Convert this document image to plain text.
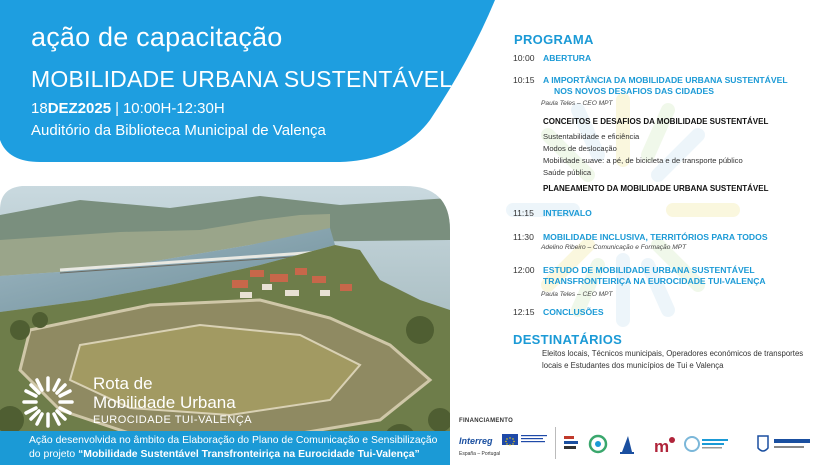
ação de capacitação
MOBILIDADE URBANA SUSTENTÁVEL
18DEZ2025 | 10:00H-12:30H
Auditório da Biblioteca Municipal de Valença
Rota de
Mobilidade Urbana
EUROCIDADE TUI-VALENÇA
Ação desenvolvida no âmbito da Elaboração do Plano de Comunicação e Sensibilização
do projeto “Mobilidade Sustentável Transfronteiriça na Eurocidade Tui-Valença”
PROGRAMA
10:00 ABERTURA
10:15 A IMPORTÂNCIA DA MOBILIDADE URBANA SUSTENTÁVEL
NOS NOVOS DESAFIOS DAS CIDADES
Paula Teles – CEO MPT
CONCEITOS E DESAFIOS DA MOBILIDADE SUSTENTÁVEL
Sustentabilidade e eficiência
Modos de deslocação
Mobilidade suave: a pé, de bicicleta e de transporte público
Saúde pública
PLANEAMENTO DA MOBILIDADE URBANA SUSTENTÁVEL
11:15	INTERVALO
11:30	MOBILIDADE INCLUSIVA, TERRITÓRIOS PARA TODOS
Adelino Ribeiro – Comunicação e Formação MPT
12:00 ESTUDO DE MOBILIDADE URBANA SUSTENTÁVEL
TRANSFRONTEIRIÇA NA EUROCIDADE TUI-VALENÇA
Paula Teles – CEO MPT
12:15 CONCLUSÕES
DESTINATÁRIOS
Eleitos locais, Técnicos municipais, Operadores económicos de transportes locais e Estudantes dos municípios de Tui e Valença
FINANCIAMENTO
Interreg
España – Portugal	m
